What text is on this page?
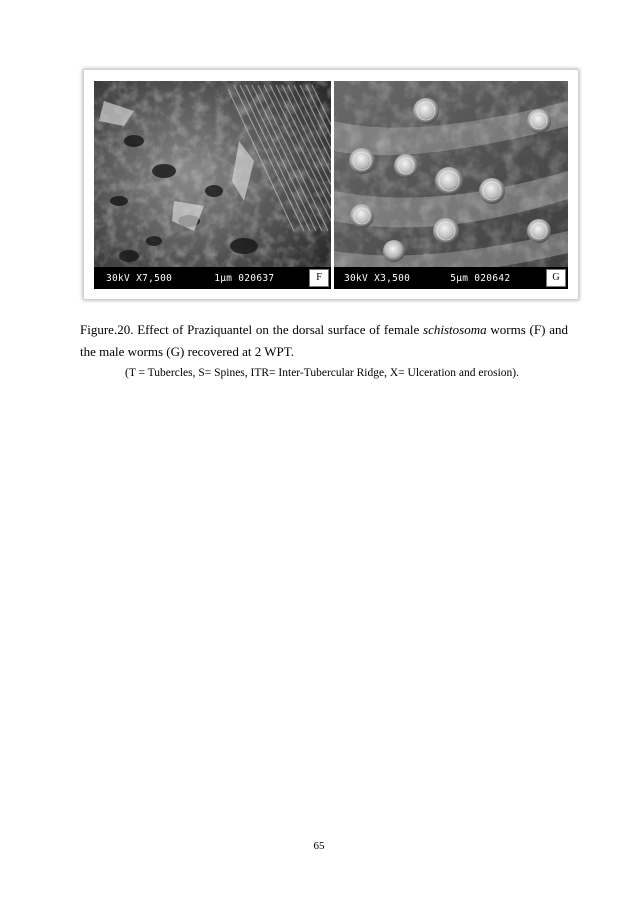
30kV X7,500	1μm 020637	F	30kV X3,500	5μm 020642	G

Figure.20. Effect of Praziquantel on the dorsal surface of female schistosoma worms (F) and the male worms (G) recovered at 2 WPT.

(T = Tubercles, S= Spines, ITR= Inter-Tubercular Ridge, X= Ulceration and erosion).
65
